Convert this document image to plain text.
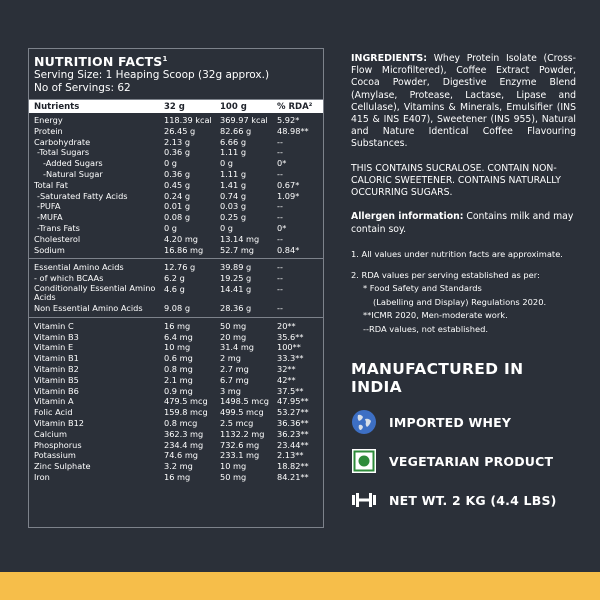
NUTRITION FACTS$^1$
Serving Size: 1 Heaping Scoop (32g approx.)
No of Servings: 62
Nutrients	32 g	100 g	% RDA²
Energy	118.39 kcal	369.97 kcal	5.92*
Protein	26.45 g	82.66 g	48.98**
Carbohydrate	2.13 g	6.66 g	--
-Total Sugars	0.36 g	1.11 g	--
-Added Sugars	0 g	0 g	0*
-Natural Sugar	0.36 g	1.11 g	--
Total Fat	0.45 g	1.41 g	0.67*
-Saturated Fatty Acids	0.24 g	0.74 g	1.09*
-PUFA	0.01 g	0.03 g	--
-MUFA	0.08 g	0.25 g	--
-Trans Fats	0 g	0 g	0*
Cholesterol	4.20 mg	13.14 mg	--
Sodium	16.86 mg	52.7 mg	0.84*
Essential Amino Acids	12.76 g	39.89 g	--
- of which BCAAs	6.2 g	19.25 g	--
Conditionally Essential Amino Acids
4.6 g	14.41 g	--
Non Essential Amino Acids	9.08 g	28.36 g	--
Vitamin C	16 mg	50 mg	20**
Vitamin B3	6.4 mg	20 mg	35.6**
Vitamin E	10 mg	31.4 mg	100**
Vitamin B1	0.6 mg	2 mg	33.3**
Vitamin B2	0.8 mg	2.7 mg	32**
Vitamin B5	2.1 mg	6.7 mg	42**
Vitamin B6	0.9 mg	3 mg	37.5**
Vitamin A	479.5 mcg	1498.5 mcg 47.95**
Folic Acid	159.8 mcg	499.5 mcg	53.27**
Vitamin B12	0.8 mcg	2.5 mcg	36.36**
Calcium	362.3 mg	1132.2 mg	36.23**
Phosphorus	234.4 mg	732.6 mg	23.44**
Potassium	74.6 mg	233.1 mg	2.13**
Zinc Sulphate	3.2 mg	10 mg	18.82**
Iron	16 mg	50 mg	84.21**
INGREDIENTS: Whey Protein Isolate (Cross-Flow Microfiltered), Coffee Extract Powder, Cocoa Powder, Digestive Enzyme Blend (Amylase, Protease, Lactase, Lipase and Cellulase), Vitamins & Minerals, Emulsifier (INS 415 & INS E407), Sweetener (INS 955), Natural and Nature Identical Coffee Flavouring Substances.
THIS CONTAINS SUCRALOSE. CONTAIN NON-CALORIC SWEETENER. CONTAINS NATURALLY OCCURRING SUGARS.
Allergen information: Contains milk and may contain soy.
1. All values under nutrition facts are approximate.
2. RDA values per serving established as per:
* Food Safety and Standards
(Labelling and Display) Regulations 2020.
**ICMR 2020, Men-moderate work.
--RDA values, not established.
MANUFACTURED IN INDIA
IMPORTED WHEY
VEGETARIAN PRODUCT
NET WT. 2 KG (4.4 LBS)
